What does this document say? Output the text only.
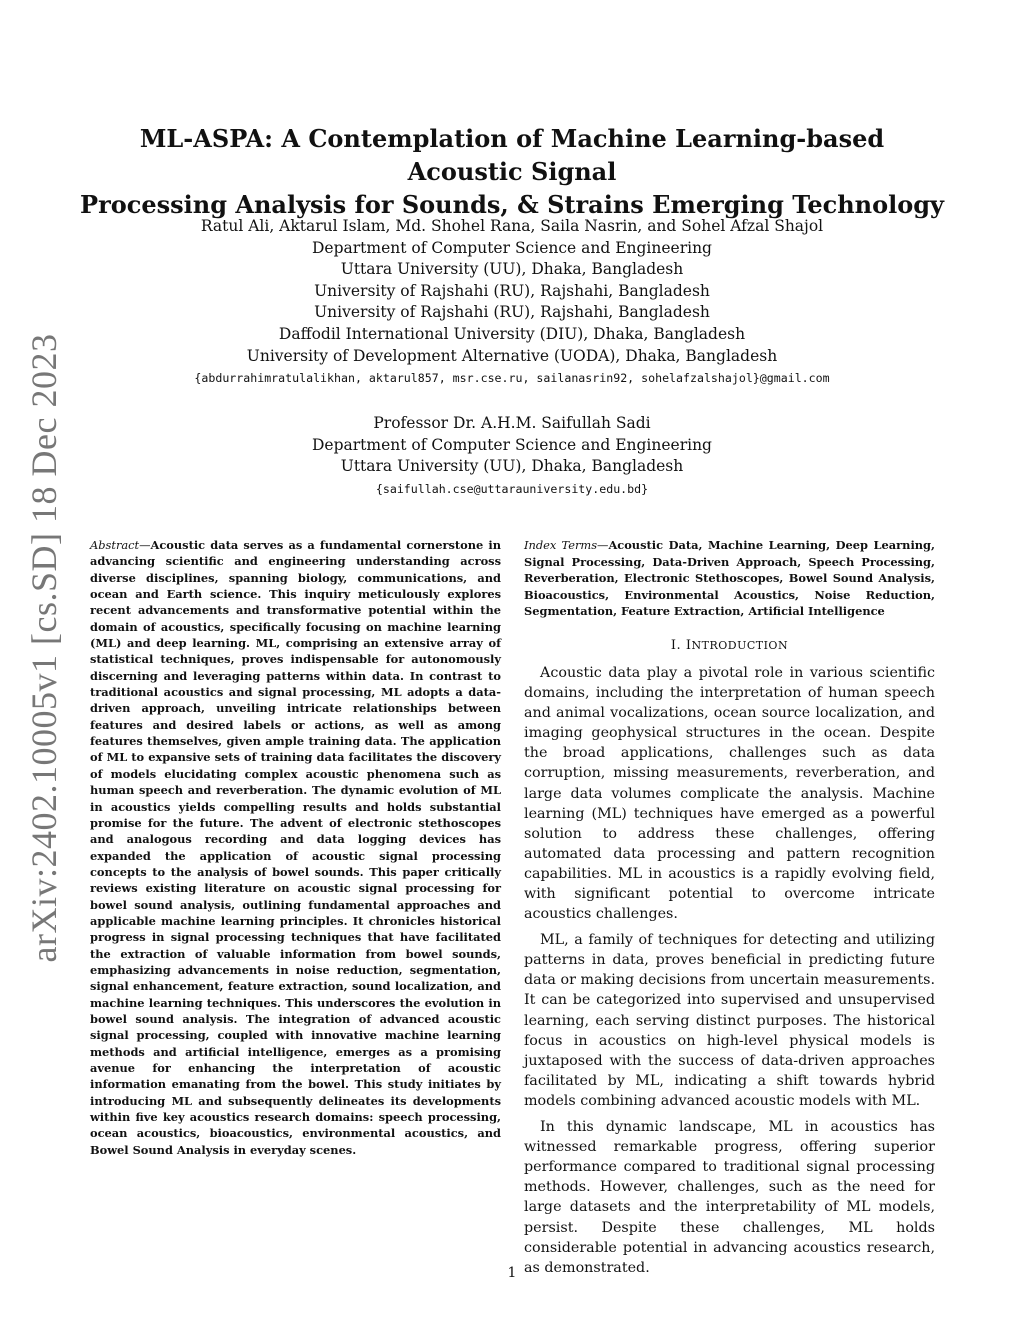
arXiv:2402.10005v1 [cs.SD] 18 Dec 2023
ML-ASPA: A Contemplation of Machine Learning-based Acoustic Signal
Processing Analysis for Sounds, & Strains Emerging Technology
Ratul Ali, Aktarul Islam, Md. Shohel Rana, Saila Nasrin, and Sohel Afzal Shajol
Department of Computer Science and Engineering
Uttara University (UU), Dhaka, Bangladesh
University of Rajshahi (RU), Rajshahi, Bangladesh
University of Rajshahi (RU), Rajshahi, Bangladesh
Daffodil International University (DIU), Dhaka, Bangladesh
University of Development Alternative (UODA), Dhaka, Bangladesh
{abdurrahimratulalikhan, aktarul857, msr.cse.ru, sailanasrin92, sohelafzalshajol}@gmail.com
Professor Dr. A.H.M. Saifullah Sadi
Department of Computer Science and Engineering
Uttara University (UU), Dhaka, Bangladesh
{saifullah.cse@uttarauniversity.edu.bd}

Abstract—Acoustic data serves as a fundamental cornerstone in advancing scientific and engineering understanding across diverse disciplines, spanning biology, communications, and ocean and Earth science. This inquiry meticulously explores recent advancements and transformative potential within the domain of acoustics, specifically focusing on machine learning (ML) and deep learning. ML, comprising an extensive array of statistical techniques, proves indispensable for autonomously discerning and leveraging patterns within data. In contrast to traditional acoustics and signal processing, ML adopts a data-driven approach, unveiling intricate relationships between features and desired labels or actions, as well as among features themselves, given ample training data. The application of ML to expansive sets of training data facilitates the discovery of models elucidating complex acoustic phenomena such as human speech and reverberation. The dynamic evolution of ML in acoustics yields compelling results and holds substantial promise for the future. The advent of electronic stethoscopes and analogous recording and data logging devices has expanded the application of acoustic signal processing concepts to the analysis of bowel sounds. This paper critically reviews existing literature on acoustic signal processing for bowel sound analysis, outlining fundamental approaches and applicable machine learning principles. It chronicles historical progress in signal processing techniques that have facilitated the extraction of valuable information from bowel sounds, emphasizing advancements in noise reduction, segmentation, signal enhancement, feature extraction, sound localization, and machine learning techniques. This underscores the evolution in bowel sound analysis. The integration of advanced acoustic signal processing, coupled with innovative machine learning methods and artificial intelligence, emerges as a promising avenue for enhancing the interpretation of acoustic information emanating from the bowel. This study initiates by introducing ML and subsequently delineates its developments within five key acoustics research domains: speech processing, ocean acoustics, bioacoustics, environmental acoustics, and Bowel Sound Analysis in everyday scenes.

Index Terms—Acoustic Data, Machine Learning, Deep Learning, Signal Processing, Data-Driven Approach, Speech Processing, Reverberation, Electronic Stethoscopes, Bowel Sound Analysis, Bioacoustics, Environmental Acoustics, Noise Reduction, Segmentation, Feature Extraction, Artificial Intelligence

I. INTRODUCTION

Acoustic data play a pivotal role in various scientific domains, including the interpretation of human speech and animal vocalizations, ocean source localization, and imaging geophysical structures in the ocean. Despite the broad applications, challenges such as data corruption, missing measurements, reverberation, and large data volumes complicate the analysis. Machine learning (ML) techniques have emerged as a powerful solution to address these challenges, offering automated data processing and pattern recognition capabilities. ML in acoustics is a rapidly evolving field, with significant potential to overcome intricate acoustics challenges.

ML, a family of techniques for detecting and utilizing patterns in data, proves beneficial in predicting future data or making decisions from uncertain measurements. It can be categorized into supervised and unsupervised learning, each serving distinct purposes. The historical focus in acoustics on high-level physical models is juxtaposed with the success of data-driven approaches facilitated by ML, indicating a shift towards hybrid models combining advanced acoustic models with ML.

In this dynamic landscape, ML in acoustics has witnessed remarkable progress, offering superior performance compared to traditional signal processing methods. However, challenges, such as the need for large datasets and the interpretability of ML models, persist. Despite these challenges, ML holds considerable potential in advancing acoustics research, as demonstrated.

1
